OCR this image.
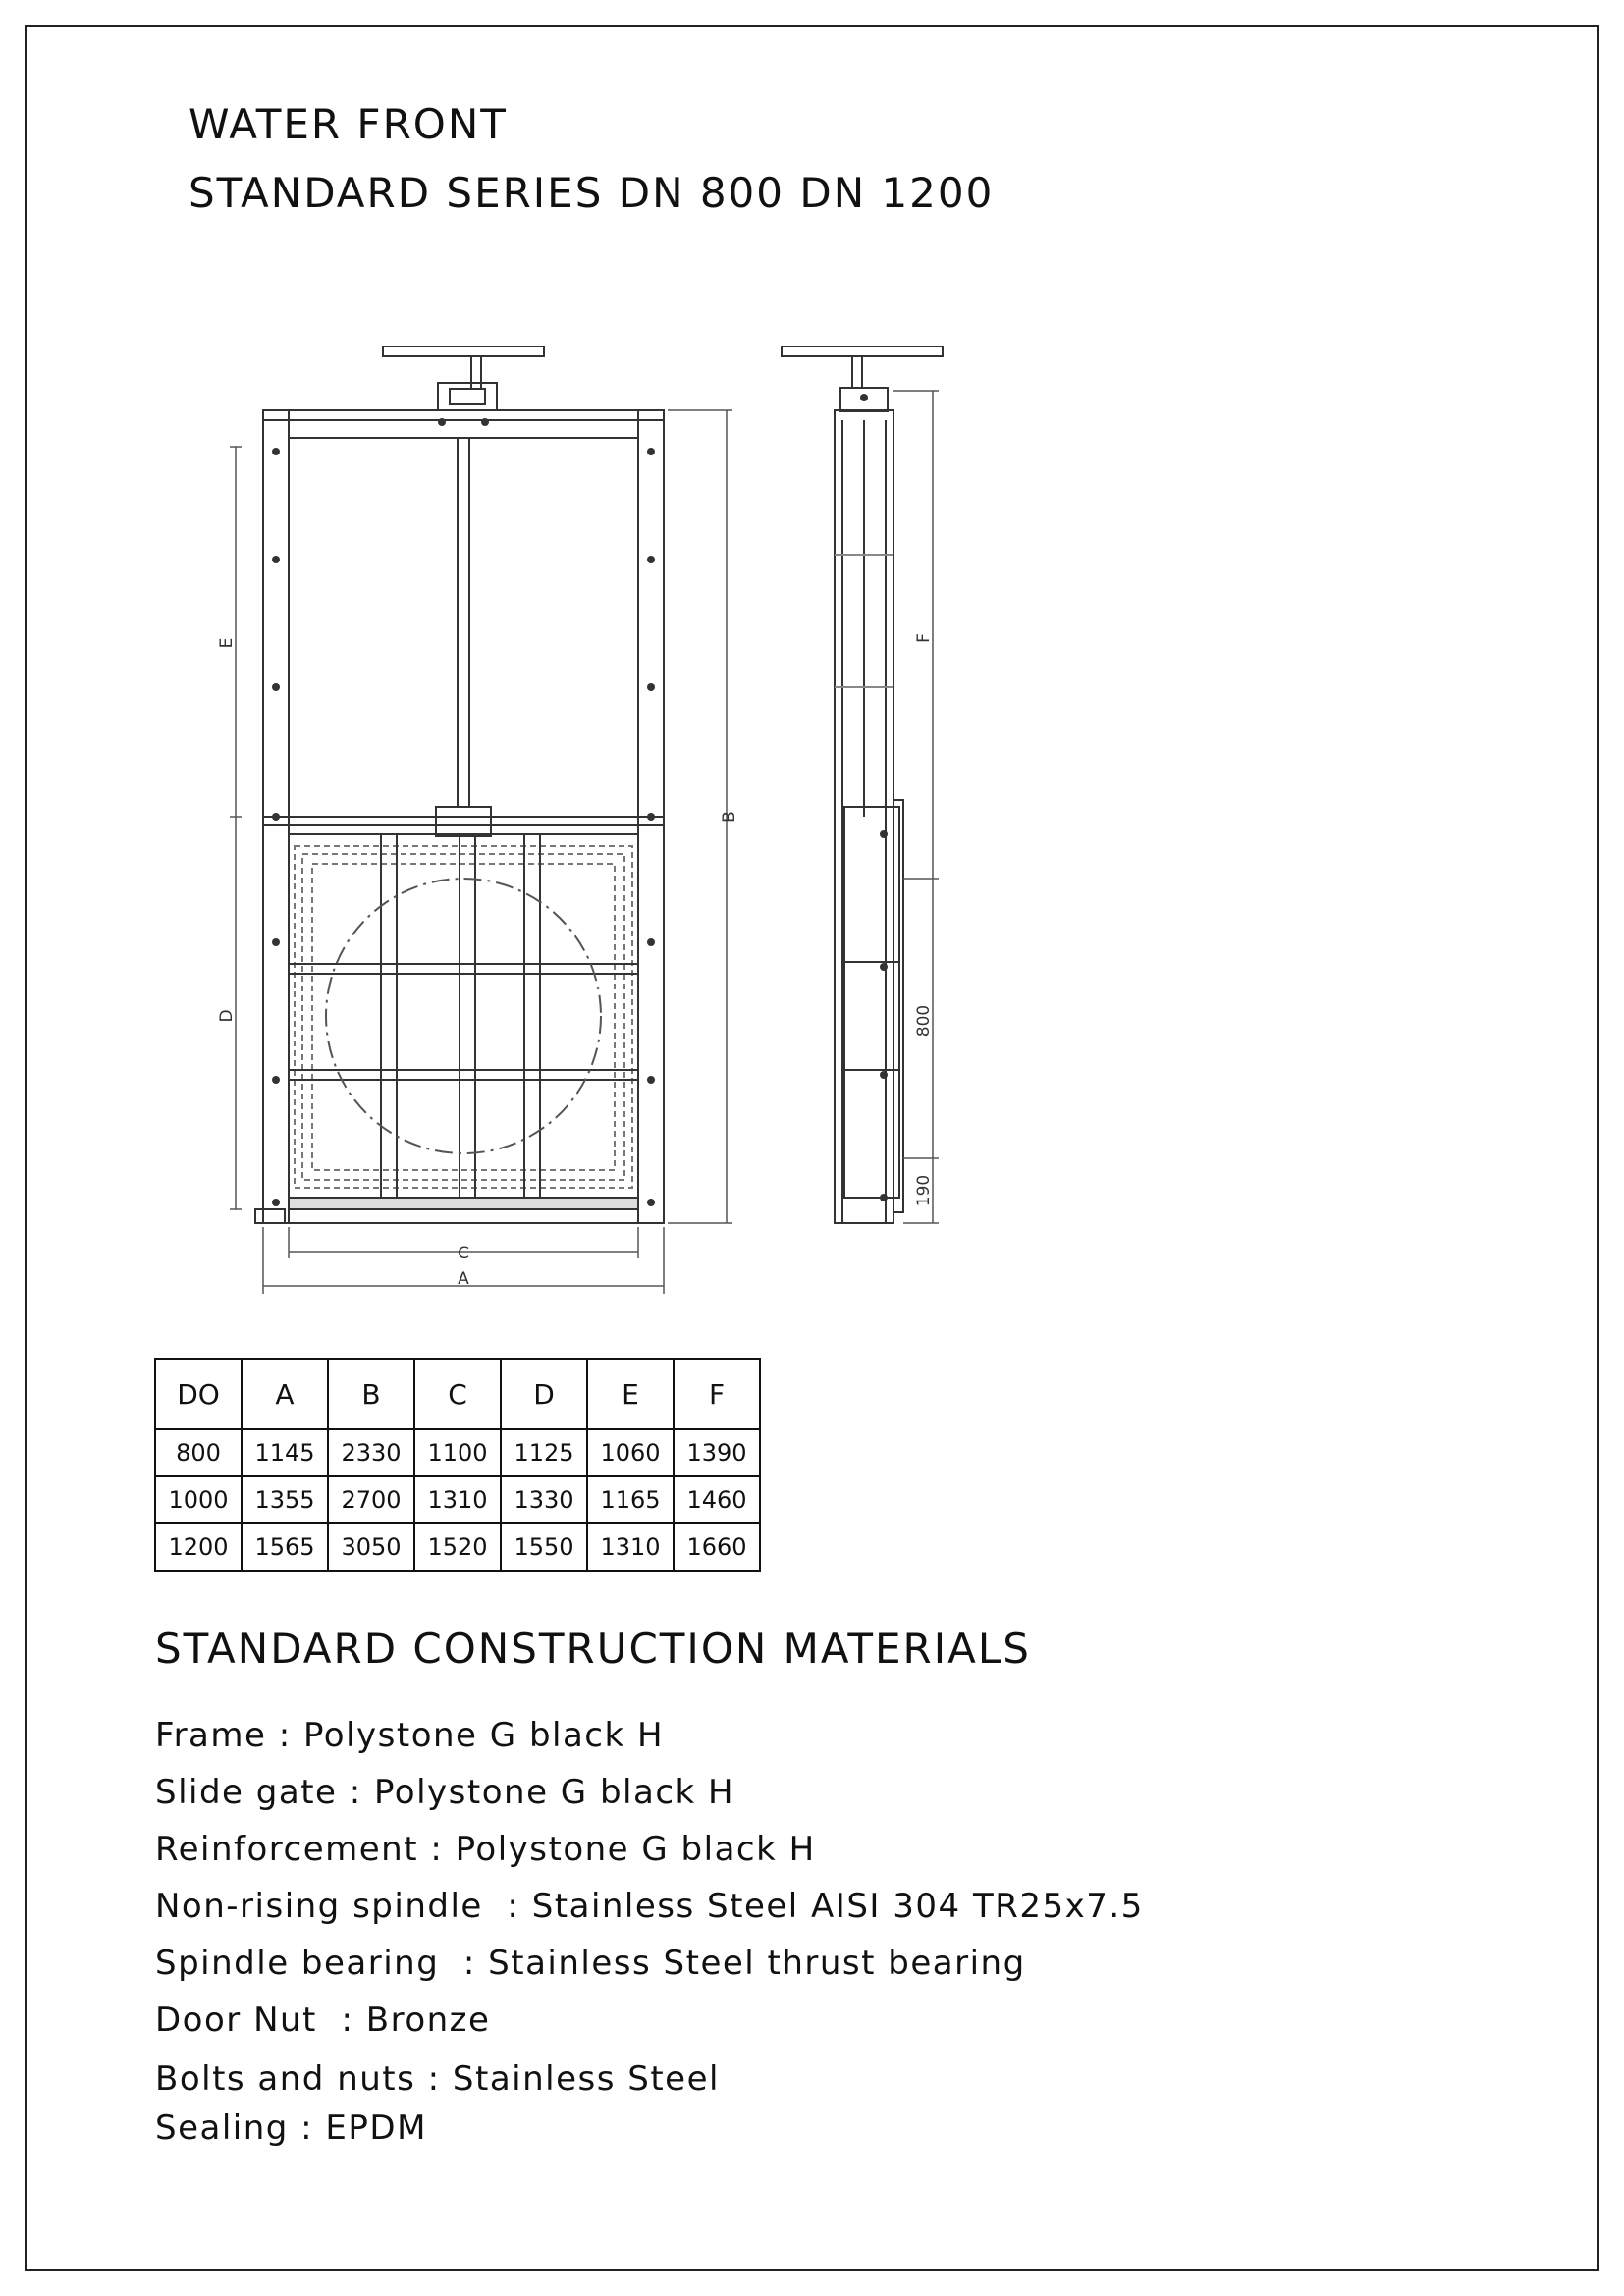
WATER FRONT
STANDARD SERIES DN 800 DN 1200
E
D
B
C
A
F
800
190
DO	A	B	C	D	E	F
800	1145	2330	1100	1125	1060	1390
1000	1355	2700	1310	1330	1165	1460
1200	1565	3050	1520	1550	1310	1660
STANDARD CONSTRUCTION MATERIALS
Frame : Polystone G black H
Slide gate : Polystone G black H
Reinforcement : Polystone G black H
Non-rising spindle  : Stainless Steel AISI 304 TR25x7.5
Spindle bearing  : Stainless Steel thrust bearing
Door Nut  : Bronze
Bolts and nuts : Stainless Steel
Sealing : EPDM
